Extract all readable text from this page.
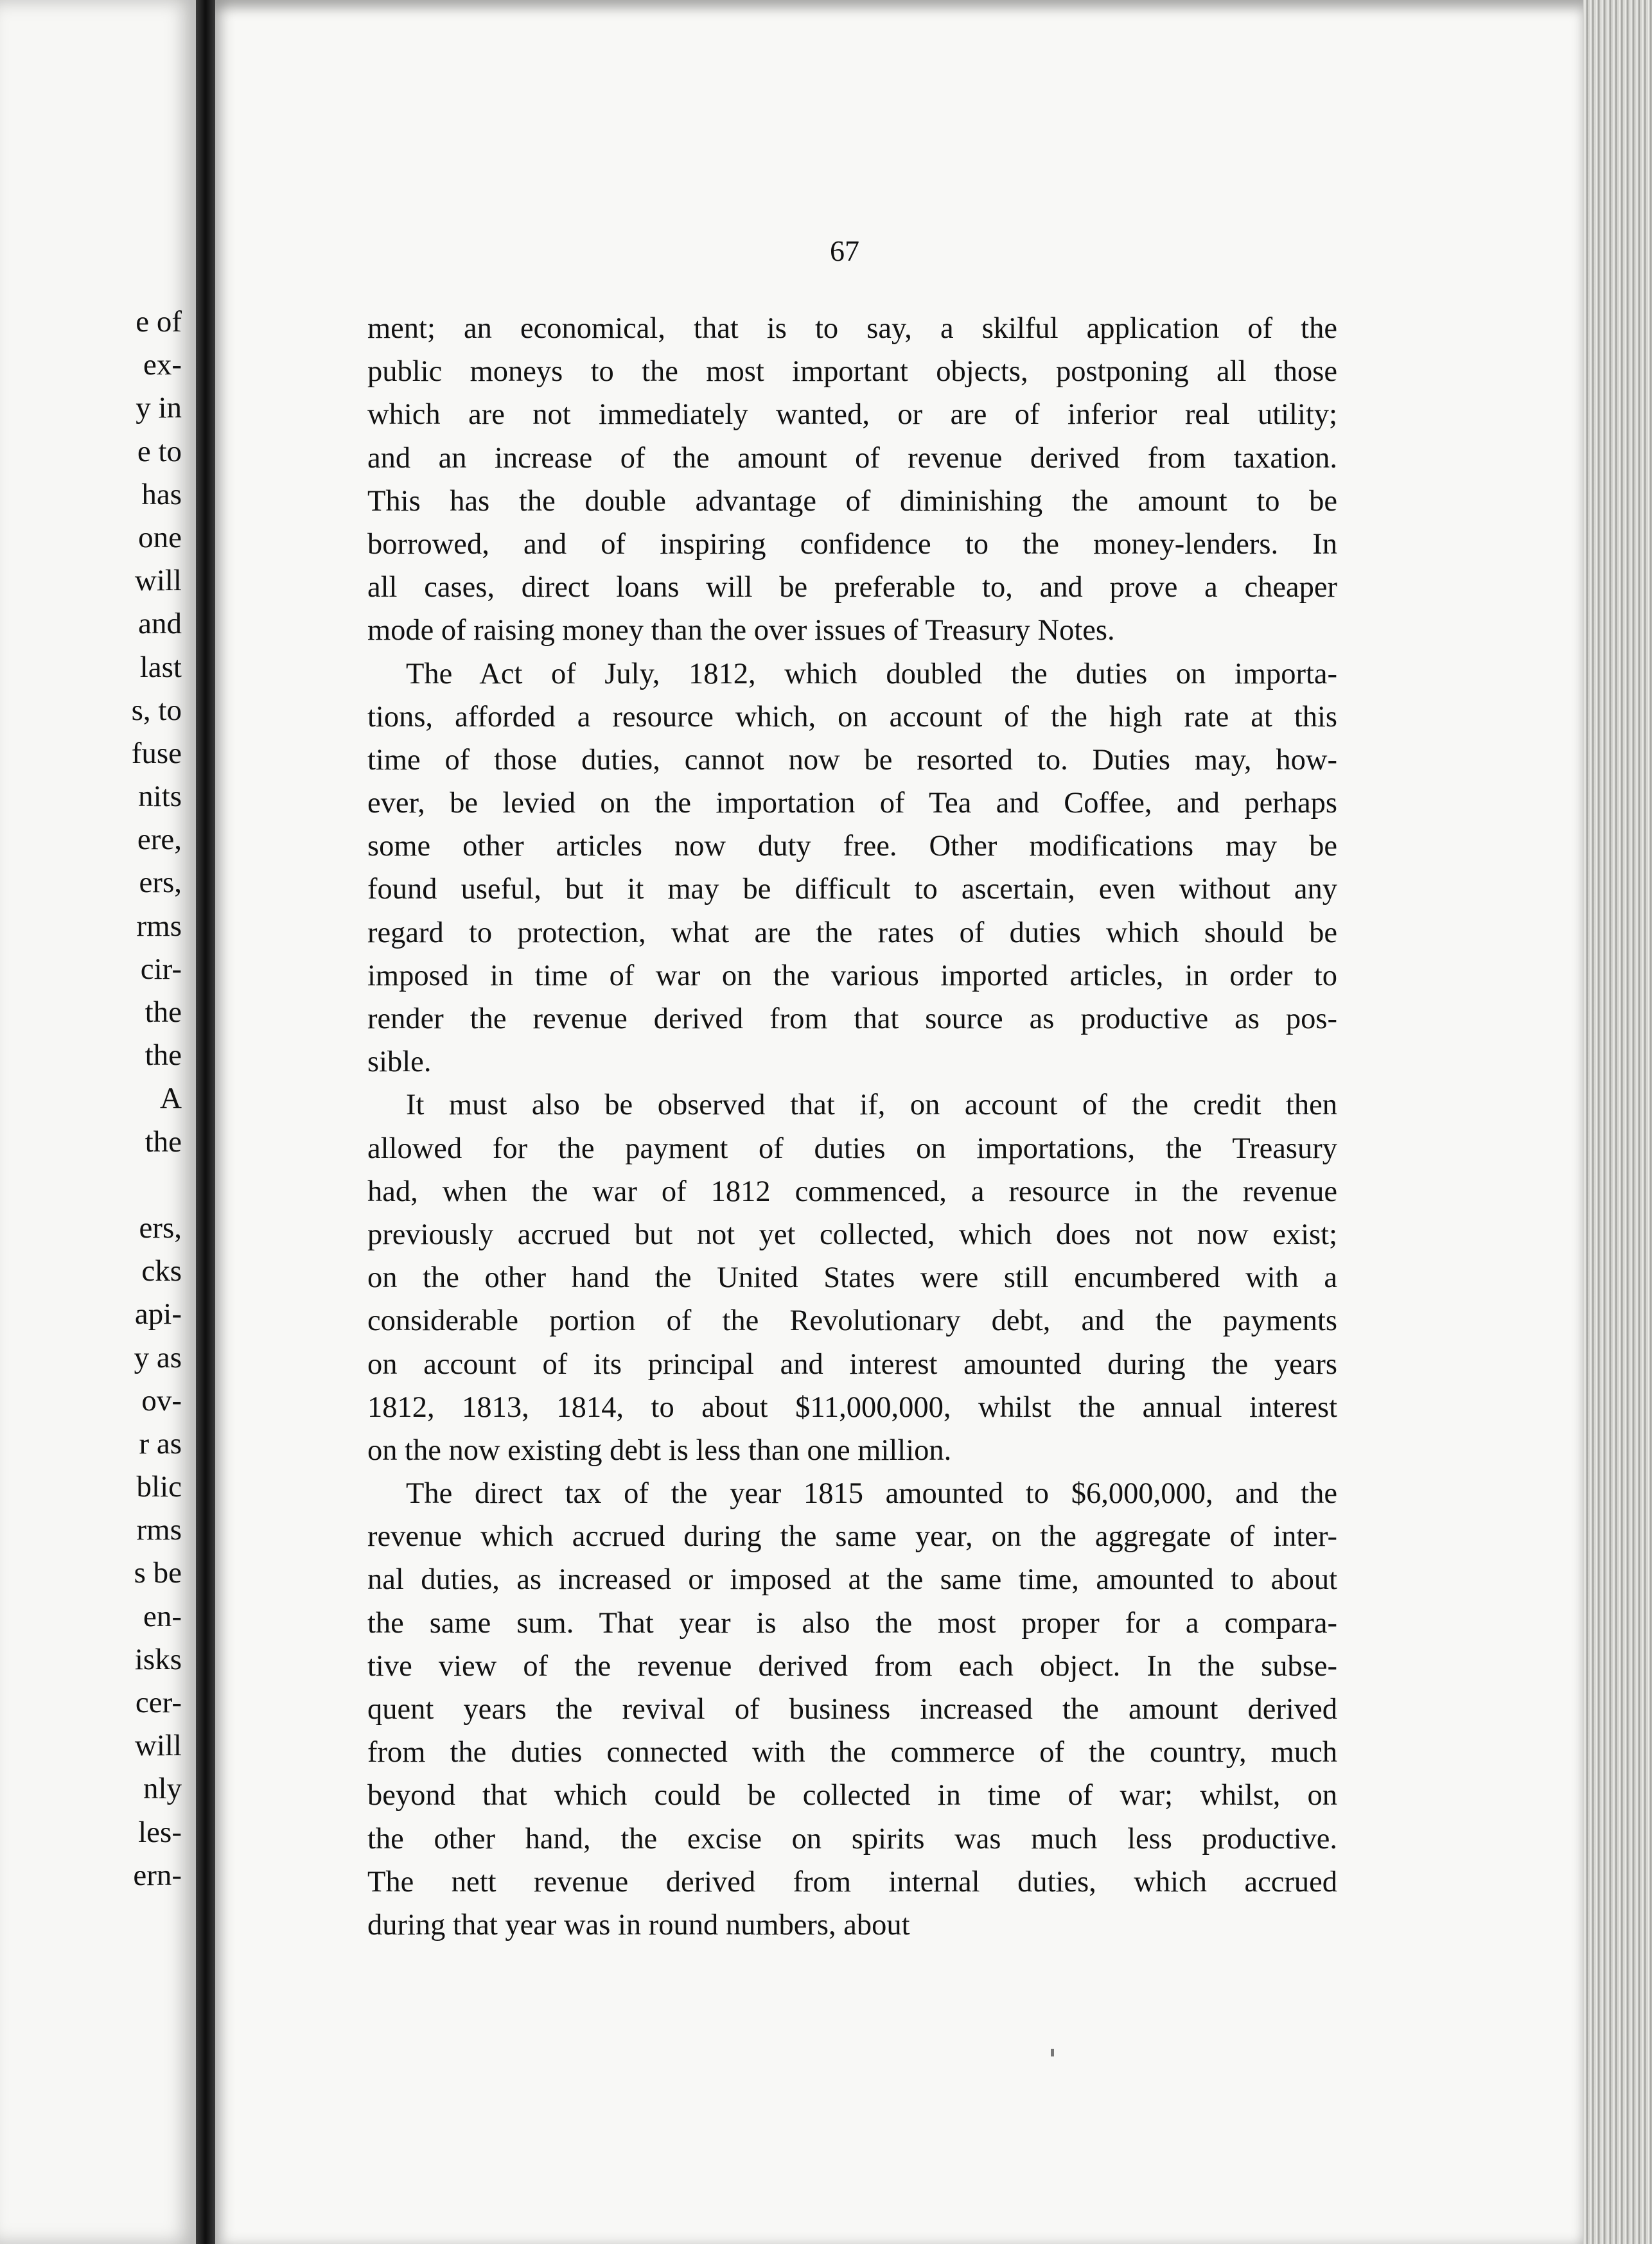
e of
ex-
y in
e to
has
one
will
and
last
s, to
fuse
nits
ere,
ers,
rms
cir-
the
the
A
the
ers,
cks
api-
y as
ov-
r as
blic
rms
s be
en-
isks
cer-
will
nly
les-
ern-

67

ment; an economical, that is to say, a skilful application of the
public moneys to the most important objects, postponing all those
which are not immediately wanted, or are of inferior real utility;
and an increase of the amount of revenue derived from taxation.
This has the double advantage of diminishing the amount to be
borrowed, and of inspiring confidence to the money-lenders. In
all cases, direct loans will be preferable to, and prove a cheaper
mode of raising money than the over issues of Treasury Notes.
The Act of July, 1812, which doubled the duties on importa-
tions, afforded a resource which, on account of the high rate at this
time of those duties, cannot now be resorted to. Duties may, how-
ever, be levied on the importation of Tea and Coffee, and perhaps
some other articles now duty free. Other modifications may be
found useful, but it may be difficult to ascertain, even without any
regard to protection, what are the rates of duties which should be
imposed in time of war on the various imported articles, in order to
render the revenue derived from that source as productive as pos-
sible.
It must also be observed that if, on account of the credit then
allowed for the payment of duties on importations, the Treasury
had, when the war of 1812 commenced, a resource in the revenue
previously accrued but not yet collected, which does not now exist;
on the other hand the United States were still encumbered with a
considerable portion of the Revolutionary debt, and the payments
on account of its principal and interest amounted during the years
1812, 1813, 1814, to about $11,000,000, whilst the annual interest
on the now existing debt is less than one million.
The direct tax of the year 1815 amounted to $6,000,000, and the
revenue which accrued during the same year, on the aggregate of inter-
nal duties, as increased or imposed at the same time, amounted to about
the same sum. That year is also the most proper for a compara-
tive view of the revenue derived from each object. In the subse-
quent years the revival of business increased the amount derived
from the duties connected with the commerce of the country, much
beyond that which could be collected in time of war; whilst, on
the other hand, the excise on spirits was much less productive.
The nett revenue derived from internal duties, which accrued
during that year was in round numbers, about
